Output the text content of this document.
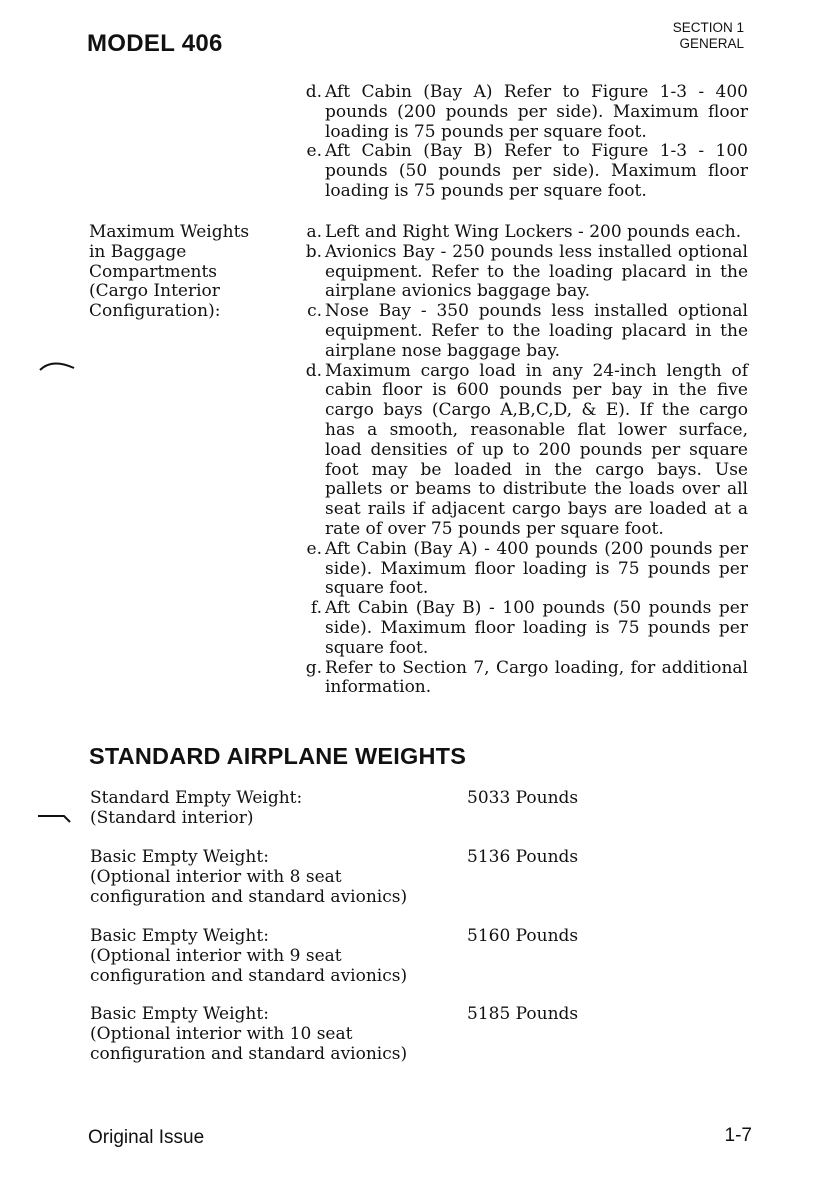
MODEL 406
SECTION 1
GENERAL
d. Aft Cabin (Bay A) Refer to Figure 1-3 - 400 pounds (200 pounds per side). Maximum floor loading is 75 pounds per square foot.
e. Aft Cabin (Bay B) Refer to Figure 1-3 - 100 pounds (50 pounds per side). Maximum floor loading is 75 pounds per square foot.
Maximum Weights
in Baggage
Compartments
(Cargo Interior
Configuration):
a. Left and Right Wing Lockers - 200 pounds each.
b. Avionics Bay - 250 pounds less installed optional equipment. Refer to the loading placard in the airplane avionics baggage bay.
c. Nose Bay - 350 pounds less installed optional equipment. Refer to the loading placard in the airplane nose baggage bay.
d. Maximum cargo load in any 24-inch length of cabin floor is 600 pounds per bay in the five cargo bays (Cargo A,B,C,D, & E). If the cargo has a smooth, reasonable flat lower surface, load densities of up to 200 pounds per square foot may be loaded in the cargo bays. Use pallets or beams to distribute the loads over all seat rails if adjacent cargo bays are loaded at a rate of over 75 pounds per square foot.
e. Aft Cabin (Bay A) - 400 pounds (200 pounds per side). Maximum floor loading is 75 pounds per square foot.
f. Aft Cabin (Bay B) - 100 pounds (50 pounds per side). Maximum floor loading is 75 pounds per square foot.
g. Refer to Section 7, Cargo loading, for additional information.
STANDARD AIRPLANE WEIGHTS
Standard Empty Weight:
(Standard interior)
5033 Pounds
Basic Empty Weight:
(Optional interior with 8 seat
configuration and standard avionics)
5136 Pounds
Basic Empty Weight:
(Optional interior with 9 seat
configuration and standard avionics)
5160 Pounds
Basic Empty Weight:
(Optional interior with 10 seat
configuration and standard avionics)
5185 Pounds
Original Issue	1-7
